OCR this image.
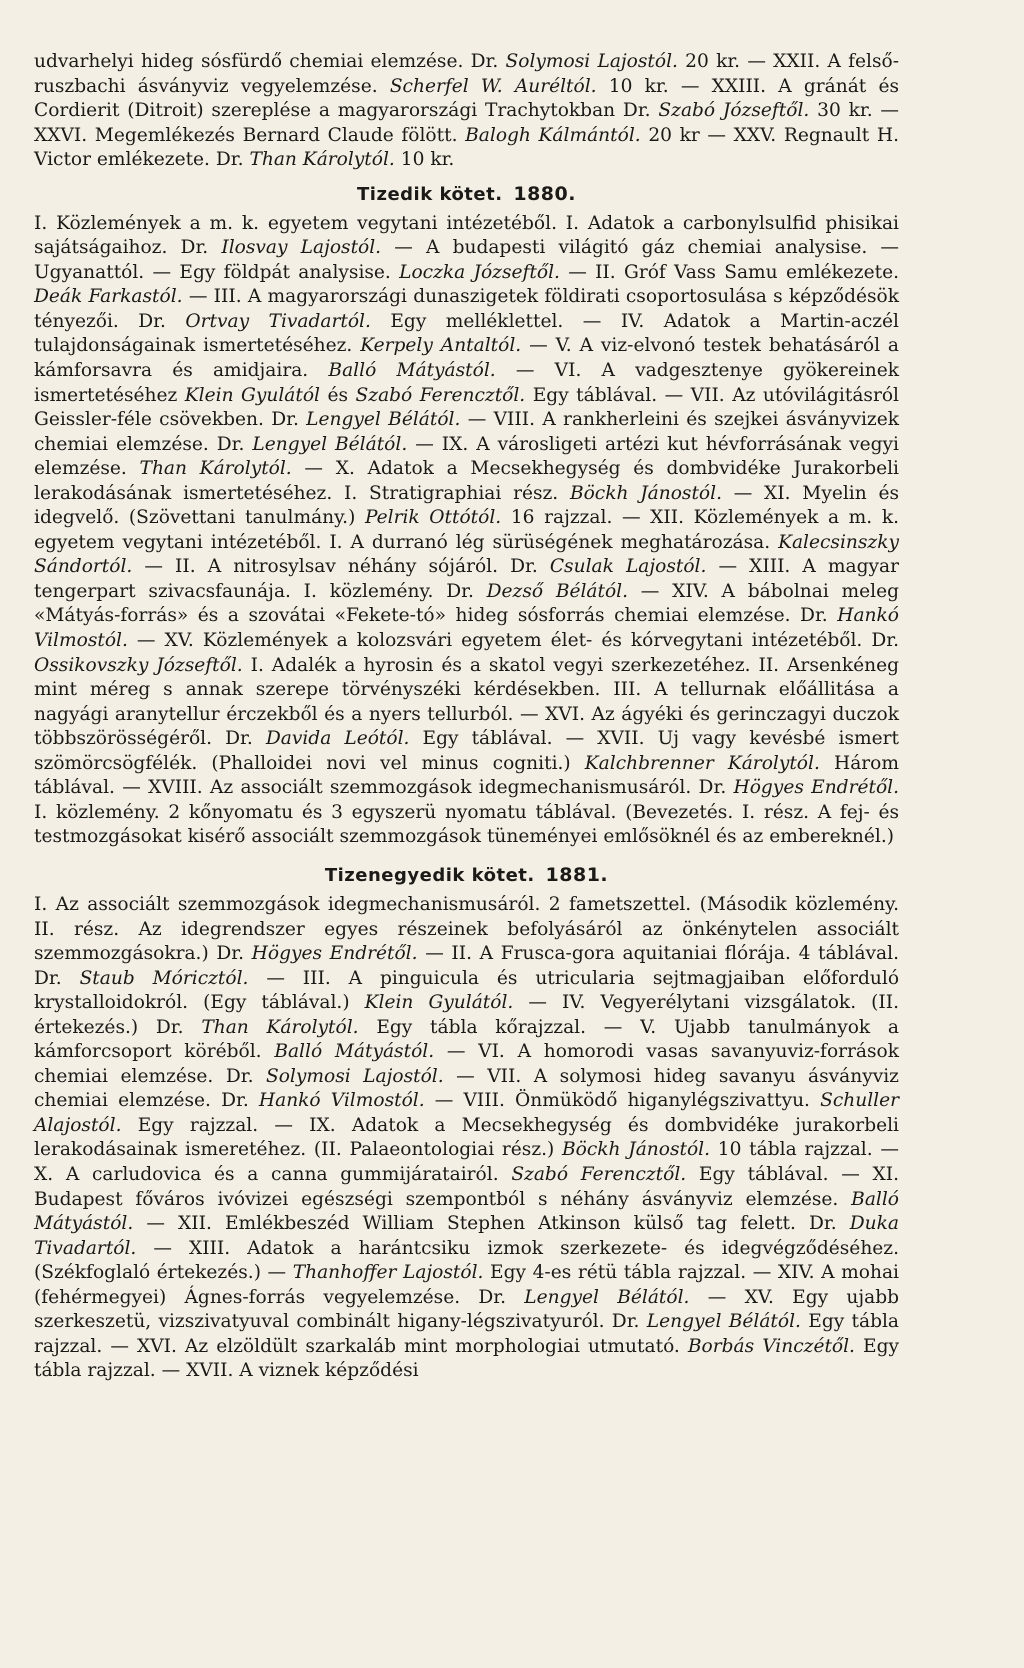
udvarhelyi hideg sósfürdő chemiai elemzése. Dr. Solymosi Lajostól. 20 kr. — XXII. A felső-ruszbachi ásványviz vegyelemzése. Scherfel W. Auréltól. 10 kr. — XXIII. A gránát és Cordierit (Ditroit) szereplése a magyarországi Trachytokban Dr. Szabó Józseftől. 30 kr. — XXVI. Megemlékezés Bernard Claude fölött. Balogh Kálmántól. 20 kr — XXV. Regnault H. Victor emlékezete. Dr. Than Károlytól. 10 kr.

Tizedik kötet. 1880.

I. Közlemények a m. k. egyetem vegytani intézetéből. I. Adatok a carbonylsulfid phisikai sajátságaihoz. Dr. Ilosvay Lajostól. — A budapesti világitó gáz chemiai analysise. — Ugyanattól. — Egy földpát analysise. Loczka Józseftől. — II. Gróf Vass Samu emlékezete. Deák Farkastól. — III. A magyarországi dunaszigetek földirati csoportosulása s képződésök tényezői. Dr. Ortvay Tivadartól. Egy melléklettel. — IV. Adatok a Martin-aczél tulajdonságainak ismertetéséhez. Kerpely Antaltól. — V. A viz-elvonó testek behatásáról a kámforsavra és amidjaira. Balló Mátyástól. — VI. A vadgesztenye gyökereinek ismertetéséhez Klein Gyulától és Szabó Ferencztől. Egy táblával. — VII. Az utóvilágitásról Geissler-féle csövekben. Dr. Lengyel Bélától. — VIII. A rankherleini és szejkei ásványvizek chemiai elemzése. Dr. Lengyel Bélától. — IX. A városligeti artézi kut hévforrásának vegyi elemzése. Than Károlytól. — X. Adatok a Mecsekhegység és dombvidéke Jurakorbeli lerakodásának ismertetéséhez. I. Stratigraphiai rész. Böckh Jánostól. — XI. Myelin és idegvelő. (Szövettani tanulmány.) Pelrik Ottótól. 16 rajzzal. — XII. Közlemények a m. k. egyetem vegytani intézetéből. I. A durranó lég sürüségének meghatározása. Kalecsinszky Sándortól. — II. A nitrosylsav néhány sójáról. Dr. Csulak Lajostól. — XIII. A magyar tengerpart szivacsfaunája. I. közlemény. Dr. Dezső Bélától. — XIV. A bábolnai meleg «Mátyás-forrás» és a szovátai «Fekete-tó» hideg sósforrás chemiai elemzése. Dr. Hankó Vilmostól. — XV. Közlemények a kolozsvári egyetem élet- és kórvegytani intézetéből. Dr. Ossikovszky Józseftől. I. Adalék a hyrosin és a skatol vegyi szerkezetéhez. II. Arsenkéneg mint méreg s annak szerepe törvényszéki kérdésekben. III. A tellurnak előállitása a nagyági aranytellur érczekből és a nyers tellurból. — XVI. Az ágyéki és gerinczagyi duczok többszörösségéről. Dr. Davida Leótól. Egy táblával. — XVII. Uj vagy kevésbé ismert szömörcsögfélék. (Phalloidei novi vel minus cogniti.) Kalchbrenner Károlytól. Három táblával. — XVIII. Az associált szemmozgások idegmechanismusáról. Dr. Högyes Endrétől. I. közlemény. 2 kőnyomatu és 3 egyszerü nyomatu táblával. (Bevezetés. I. rész. A fej- és testmozgásokat kisérő associált szemmozgások tüneményei emlősöknél és az embereknél.)

Tizenegyedik kötet. 1881.

I. Az associált szemmozgások idegmechanismusáról. 2 fametszettel. (Második közlemény. II. rész. Az idegrendszer egyes részeinek befolyásáról az önkénytelen associált szemmozgásokra.) Dr. Högyes Endrétől. — II. A Frusca-gora aquitaniai flórája. 4 táblával. Dr. Staub Móricztól. — III. A pinguicula és utricularia sejtmagjaiban előforduló krystalloidokról. (Egy táblával.) Klein Gyulától. — IV. Vegyerélytani vizsgálatok. (II. értekezés.) Dr. Than Károlytól. Egy tábla kőrajzzal. — V. Ujabb tanulmányok a kámforcsoport köréből. Balló Mátyástól. — VI. A homorodi vasas savanyuviz-források chemiai elemzése. Dr. Solymosi Lajostól. — VII. A solymosi hideg savanyu ásványviz chemiai elemzése. Dr. Hankó Vilmostól. — VIII. Önmüködő higanylégszivattyu. Schuller Alajostól. Egy rajzzal. — IX. Adatok a Mecsekhegység és dombvidéke jurakorbeli lerakodásainak ismeretéhez. (II. Palaeontologiai rész.) Böckh Jánostól. 10 tábla rajzzal. — X. A carludovica és a canna gummijáratairól. Szabó Ferencztől. Egy táblával. — XI. Budapest főváros ivóvizei egészségi szempontból s néhány ásványviz elemzése. Balló Mátyástól. — XII. Emlékbeszéd William Stephen Atkinson külső tag felett. Dr. Duka Tivadartól. — XIII. Adatok a harántcsiku izmok szerkezete- és idegvégződéséhez. (Székfoglaló értekezés.) — Thanhoffer Lajostól. Egy 4-es rétü tábla rajzzal. — XIV. A mohai (fehérmegyei) Ágnes-forrás vegyelemzése. Dr. Lengyel Bélától. — XV. Egy ujabb szerkeszetü, vizszivatyuval combinált higany-légszivatyuról. Dr. Lengyel Bélától. Egy tábla rajzzal. — XVI. Az elzöldült szarkaláb mint morphologiai utmutató. Borbás Vinczétől. Egy tábla rajzzal. — XVII. A viznek képződési
